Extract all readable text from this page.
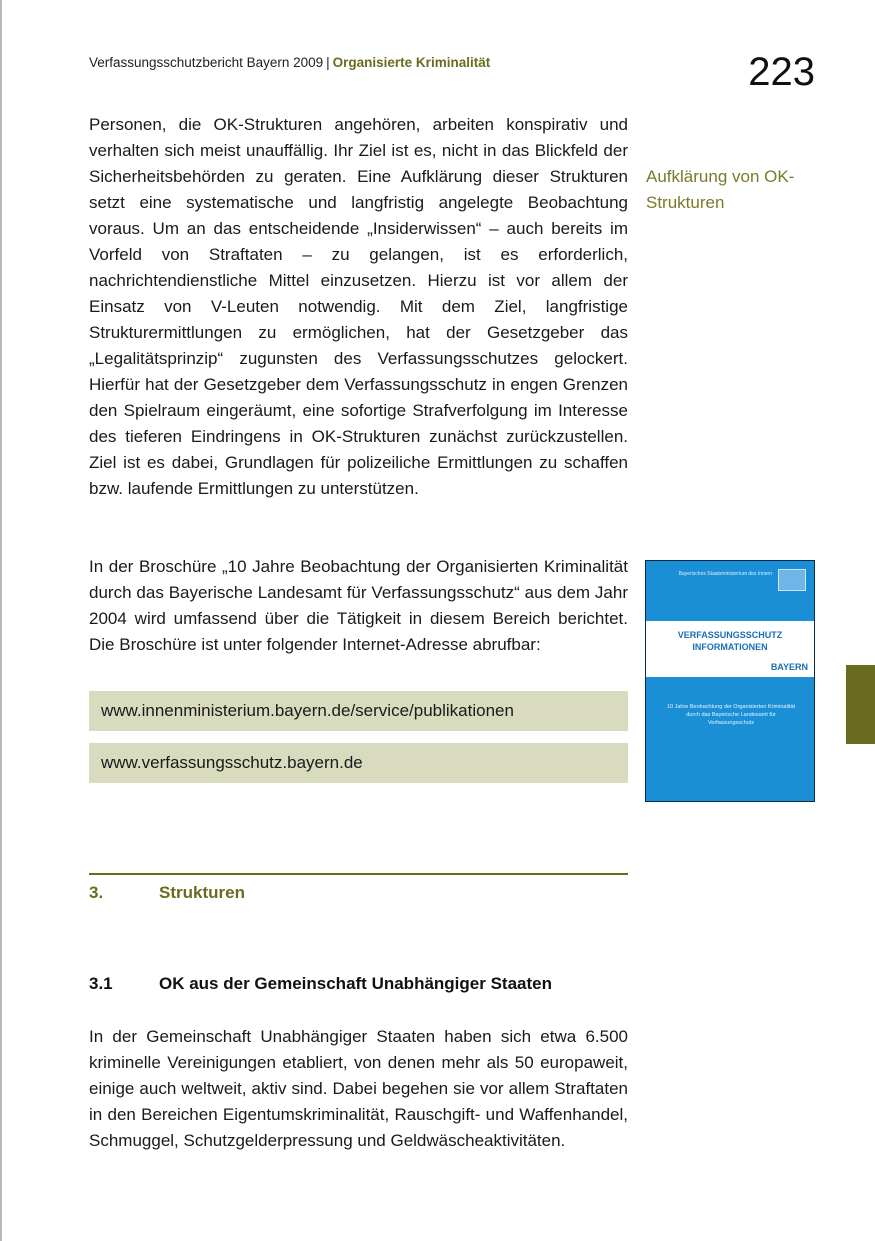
Verfassungsschutzbericht Bayern 2009 | Organisierte Kriminalität	223
Aufklärung von OK-Strukturen
Personen, die OK-Strukturen angehören, arbeiten konspirativ und verhalten sich meist unauffällig. Ihr Ziel ist es, nicht in das Blickfeld der Sicherheitsbehörden zu geraten. Eine Aufklärung dieser Strukturen setzt eine systematische und langfristig angelegte Beobachtung voraus. Um an das entscheidende „Insiderwissen“ – auch bereits im Vorfeld von Straftaten – zu gelangen, ist es erforderlich, nachrichtendienstliche Mittel einzusetzen. Hierzu ist vor allem der Einsatz von V-Leuten notwendig. Mit dem Ziel, langfristige Strukturermittlungen zu ermöglichen, hat der Gesetzgeber das „Legalitätsprinzip“ zugunsten des Verfassungsschutzes gelockert. Hierfür hat der Gesetzgeber dem Verfassungsschutz in engen Grenzen den Spielraum eingeräumt, eine sofortige Strafverfolgung im Interesse des tieferen Eindringens in OK-Strukturen zunächst zurückzustellen. Ziel ist es dabei, Grundlagen für polizeiliche Ermittlungen zu schaffen bzw. laufende Ermittlungen zu unterstützen.
In der Broschüre „10 Jahre Beobachtung der Organisierten Kriminalität durch das Bayerische Landesamt für Verfassungsschutz“ aus dem Jahr 2004 wird umfassend über die Tätigkeit in diesem Bereich berichtet. Die Broschüre ist unter folgender Internet-Adresse abrufbar:
www.innenministerium.bayern.de/service/publikationen
www.verfassungsschutz.bayern.de
3.	Strukturen
3.1	OK aus der Gemeinschaft Unabhängiger Staaten
In der Gemeinschaft Unabhängiger Staaten haben sich etwa 6.500 kriminelle Vereinigungen etabliert, von denen mehr als 50 europaweit, einige auch weltweit, aktiv sind. Dabei begehen sie vor allem Straftaten in den Bereichen Eigentumskriminalität, Rauschgift- und Waffenhandel, Schmuggel, Schutzgelderpressung und Geldwäscheaktivitäten.
Bayerisches Staatsministerium des Innern
VERFASSUNGSSCHUTZ
INFORMATIONEN
BAYERN
10 Jahre Beobachtung der Organisierten Kriminalität durch das Bayerische Landesamt für Verfassungsschutz
